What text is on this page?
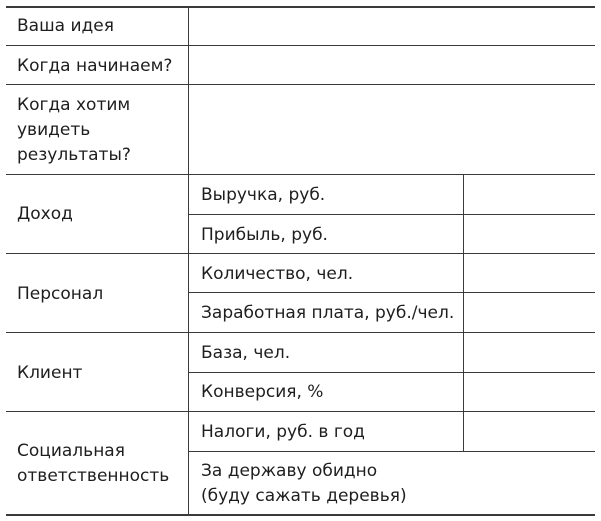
Ваша идея
Когда начинаем?
Когда хотим
увидеть
результаты?
Доход
Выручка, руб.
Прибыль, руб.
Персонал
Количество, чел.
Заработная плата, руб./чел.
Клиент
База, чел.
Конверсия, %
Социальная
ответственность
Налоги, руб. в год
За державу обидно
(буду сажать деревья)
